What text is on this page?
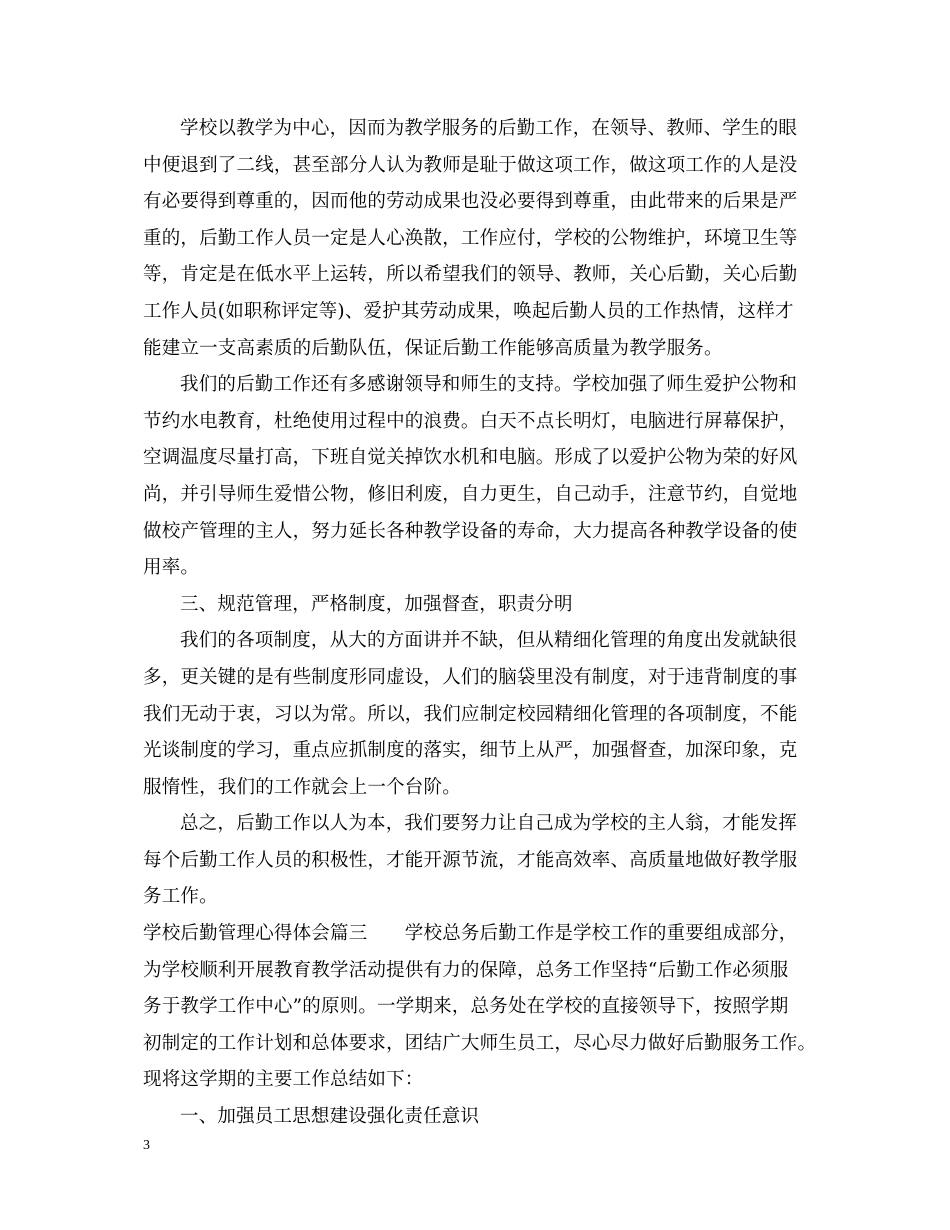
学校以教学为中心，因而为教学服务的后勤工作，在领导、教师、学生的眼
中便退到了二线，甚至部分人认为教师是耻于做这项工作，做这项工作的人是没
有必要得到尊重的，因而他的劳动成果也没必要得到尊重，由此带来的后果是严
重的，后勤工作人员一定是人心涣散，工作应付，学校的公物维护，环境卫生等
等，肯定是在低水平上运转，所以希望我们的领导、教师，关心后勤，关心后勤
工作人员(如职称评定等)、爱护其劳动成果，唤起后勤人员的工作热情，这样才
能建立一支高素质的后勤队伍，保证后勤工作能够高质量为教学服务。
我们的后勤工作还有多感谢领导和师生的支持。学校加强了师生爱护公物和
节约水电教育，杜绝使用过程中的浪费。白天不点长明灯，电脑进行屏幕保护，
空调温度尽量打高，下班自觉关掉饮水机和电脑。形成了以爱护公物为荣的好风
尚，并引导师生爱惜公物，修旧利废，自力更生，自己动手，注意节约，自觉地
做校产管理的主人，努力延长各种教学设备的寿命，大力提高各种教学设备的使
用率。
三、规范管理，严格制度，加强督查，职责分明
我们的各项制度，从大的方面讲并不缺，但从精细化管理的角度出发就缺很
多，更关键的是有些制度形同虚设，人们的脑袋里没有制度，对于违背制度的事
我们无动于衷，习以为常。所以，我们应制定校园精细化管理的各项制度，不能
光谈制度的学习，重点应抓制度的落实，细节上从严，加强督查，加深印象，克
服惰性，我们的工作就会上一个台阶。
总之，后勤工作以人为本，我们要努力让自己成为学校的主人翁，才能发挥
每个后勤工作人员的积极性，才能开源节流，才能高效率、高质量地做好教学服
务工作。
学校后勤管理心得体会篇三　　学校总务后勤工作是学校工作的重要组成部分，
为学校顺利开展教育教学活动提供有力的保障，总务工作坚持“后勤工作必须服
务于教学工作中心”的原则。一学期来，总务处在学校的直接领导下，按照学期
初制定的工作计划和总体要求，团结广大师生员工，尽心尽力做好后勤服务工作。
现将这学期的主要工作总结如下：
一、加强员工思想建设强化责任意识
3
